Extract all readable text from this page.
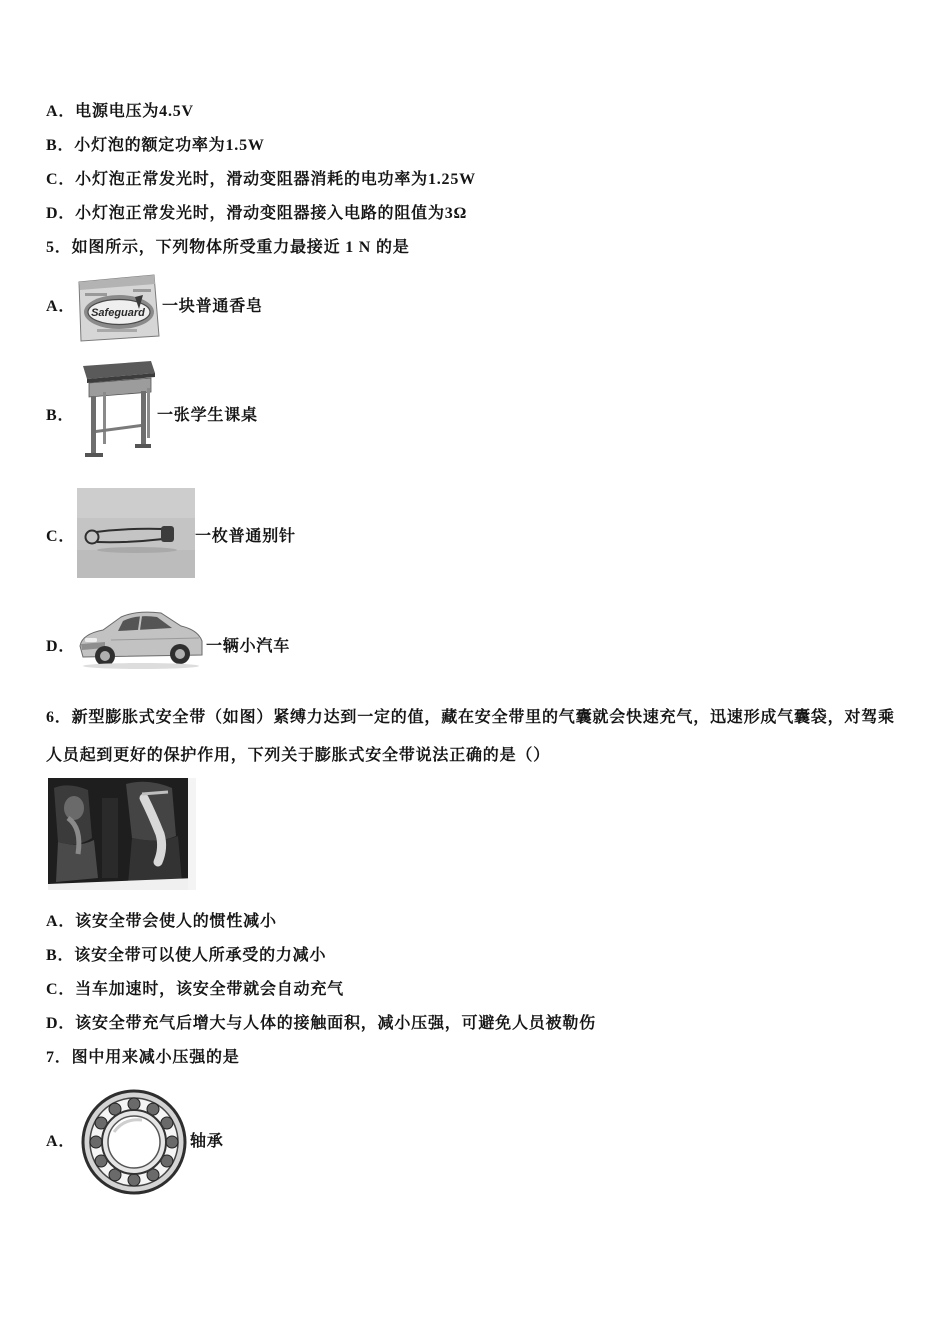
A．电源电压为4.5V
B．小灯泡的额定功率为1.5W
C．小灯泡正常发光时，滑动变阻器消耗的电功率为1.25W
D．小灯泡正常发光时，滑动变阻器接入电路的阻值为3Ω
5．如图所示，下列物体所受重力最接近 1 N 的是
A． Safeguard 一块普通香皂
B．	一张学生课桌
C．	一枚普通别针
D．	一辆小汽车
6．新型膨胀式安全带（如图）紧缚力达到一定的值，藏在安全带里的气囊就会快速充气，迅速形成气囊袋，对驾乘
人员起到更好的保护作用，下列关于膨胀式安全带说法正确的是（）
A．该安全带会使人的惯性减小
B．该安全带可以使人所承受的力减小
C．当车加速时，该安全带就会自动充气
D．该安全带充气后增大与人体的接触面积，减小压强，可避免人员被勒伤
7．图中用来减小压强的是
A．	轴承
